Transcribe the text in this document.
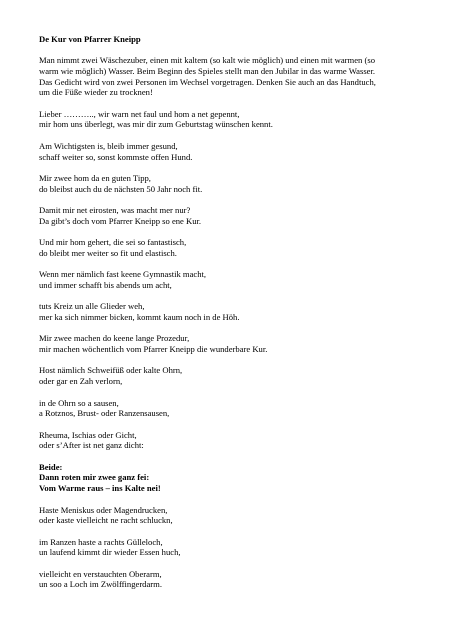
De Kur von Pfarrer Kneipp
Man nimmt zwei Wäschezuber, einen mit kaltem (so kalt wie möglich) und einen mit warmen (so
warm wie möglich) Wasser. Beim Beginn des Spieles stellt man den Jubilar in das warme Wasser.
Das Gedicht wird von zwei Personen im Wechsel vorgetragen. Denken Sie auch an das Handtuch,
um die Füße wieder zu trocknen!
Lieber ……….., wir warn net faul und hom a net gepennt,
mir hom uns überlegt, was mir dir zum Geburtstag wünschen kennt.
Am Wichtigsten is, bleib immer gesund,
schaff weiter so, sonst kommste offen Hund.
Mir zwee hom da en guten Tipp,
do bleibst auch du de nächsten 50 Jahr noch fit.
Damit mir net eirosten, was macht mer nur?
Da gibt’s doch vom Pfarrer Kneipp so ene Kur.
Und mir hom gehert, die sei so fantastisch,
do bleibt mer weiter so fit und elastisch.
Wenn mer nämlich fast keene Gymnastik macht,
und immer schafft bis abends um acht,
tuts Kreiz un alle Glieder weh,
mer ka sich nimmer bicken, kommt kaum noch in de Höh.
Mir zwee machen do keene lange Prozedur,
mir machen wöchentlich vom Pfarrer Kneipp die wunderbare Kur.
Host nämlich Schweifüß oder kalte Ohrn,
oder gar en Zah verlorn,
in de Ohrn so a sausen,
a Rotznos, Brust- oder Ranzensausen,
Rheuma, Ischias oder Gicht,
oder s’After ist net ganz dicht:
Beide:
Dann roten mir zwee ganz fei:
Vom Warme raus – ins Kalte nei!
Haste Meniskus oder Magendrucken,
oder kaste vielleicht ne racht schluckn,
im Ranzen haste a rachts Gülleloch,
un laufend kimmt dir wieder Essen huch,
vielleicht en verstauchten Oberarm,
un soo a Loch im Zwölffingerdarm.
